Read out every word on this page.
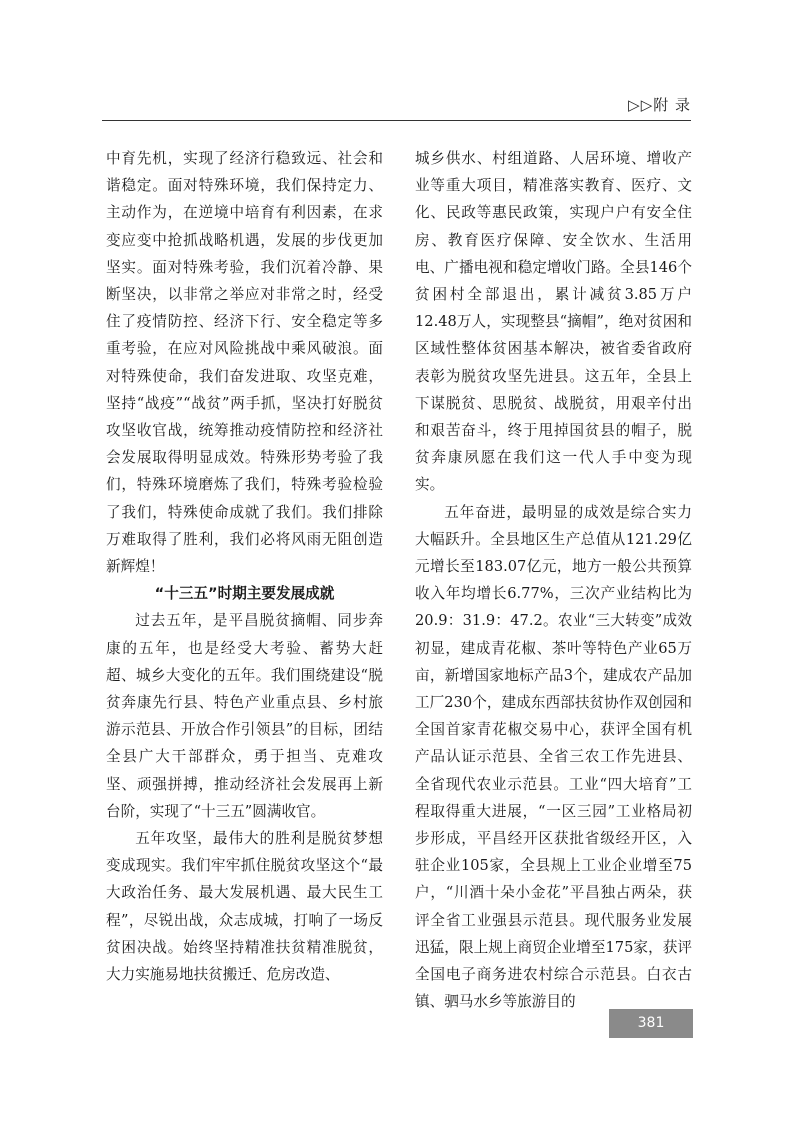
▷▷附 录

中育先机，实现了经济行稳致远、社会和谐稳定。面对特殊环境，我们保持定力、主动作为，在逆境中培育有利因素，在求变应变中抢抓战略机遇，发展的步伐更加坚实。面对特殊考验，我们沉着冷静、果断坚决，以非常之举应对非常之时，经受住了疫情防控、经济下行、安全稳定等多重考验，在应对风险挑战中乘风破浪。面对特殊使命，我们奋发进取、攻坚克难，坚持“战疫”“战贫”两手抓，坚决打好脱贫攻坚收官战，统筹推动疫情防控和经济社会发展取得明显成效。特殊形势考验了我们，特殊环境磨炼了我们，特殊考验检验了我们，特殊使命成就了我们。我们排除万难取得了胜利，我们必将风雨无阻创造新辉煌！

“十三五”时期主要发展成就

过去五年，是平昌脱贫摘帽、同步奔康的五年，也是经受大考验、蓄势大赶超、城乡大变化的五年。我们围绕建设“脱贫奔康先行县、特色产业重点县、乡村旅游示范县、开放合作引领县”的目标，团结全县广大干部群众，勇于担当、克难攻坚、顽强拼搏，推动经济社会发展再上新台阶，实现了“十三五”圆满收官。

五年攻坚，最伟大的胜利是脱贫梦想变成现实。我们牢牢抓住脱贫攻坚这个“最大政治任务、最大发展机遇、最大民生工程”，尽锐出战，众志成城，打响了一场反贫困决战。始终坚持精准扶贫精准脱贫，大力实施易地扶贫搬迁、危房改造、

城乡供水、村组道路、人居环境、增收产业等重大项目，精准落实教育、医疗、文化、民政等惠民政策，实现户户有安全住房、教育医疗保障、安全饮水、生活用电、广播电视和稳定增收门路。全县146个贫困村全部退出，累计减贫3.85万户12.48万人，实现整县“摘帽”，绝对贫困和区域性整体贫困基本解决，被省委省政府表彰为脱贫攻坚先进县。这五年，全县上下谋脱贫、思脱贫、战脱贫，用艰辛付出和艰苦奋斗，终于甩掉国贫县的帽子，脱贫奔康夙愿在我们这一代人手中变为现实。

五年奋进，最明显的成效是综合实力大幅跃升。全县地区生产总值从121.29亿元增长至183.07亿元，地方一般公共预算收入年均增长6.77%，三次产业结构比为20.9：31.9：47.2。农业“三大转变”成效初显，建成青花椒、茶叶等特色产业65万亩，新增国家地标产品3个，建成农产品加工厂230个，建成东西部扶贫协作双创园和全国首家青花椒交易中心，获评全国有机产品认证示范县、全省三农工作先进县、全省现代农业示范县。工业“四大培育”工程取得重大进展，“一区三园”工业格局初步形成，平昌经开区获批省级经开区，入驻企业105家，全县规上工业企业增至75户，“川酒十朵小金花”平昌独占两朵，获评全省工业强县示范县。现代服务业发展迅猛，限上规上商贸企业增至175家，获评全国电子商务进农村综合示范县。白衣古镇、驷马水乡等旅游目的

381
